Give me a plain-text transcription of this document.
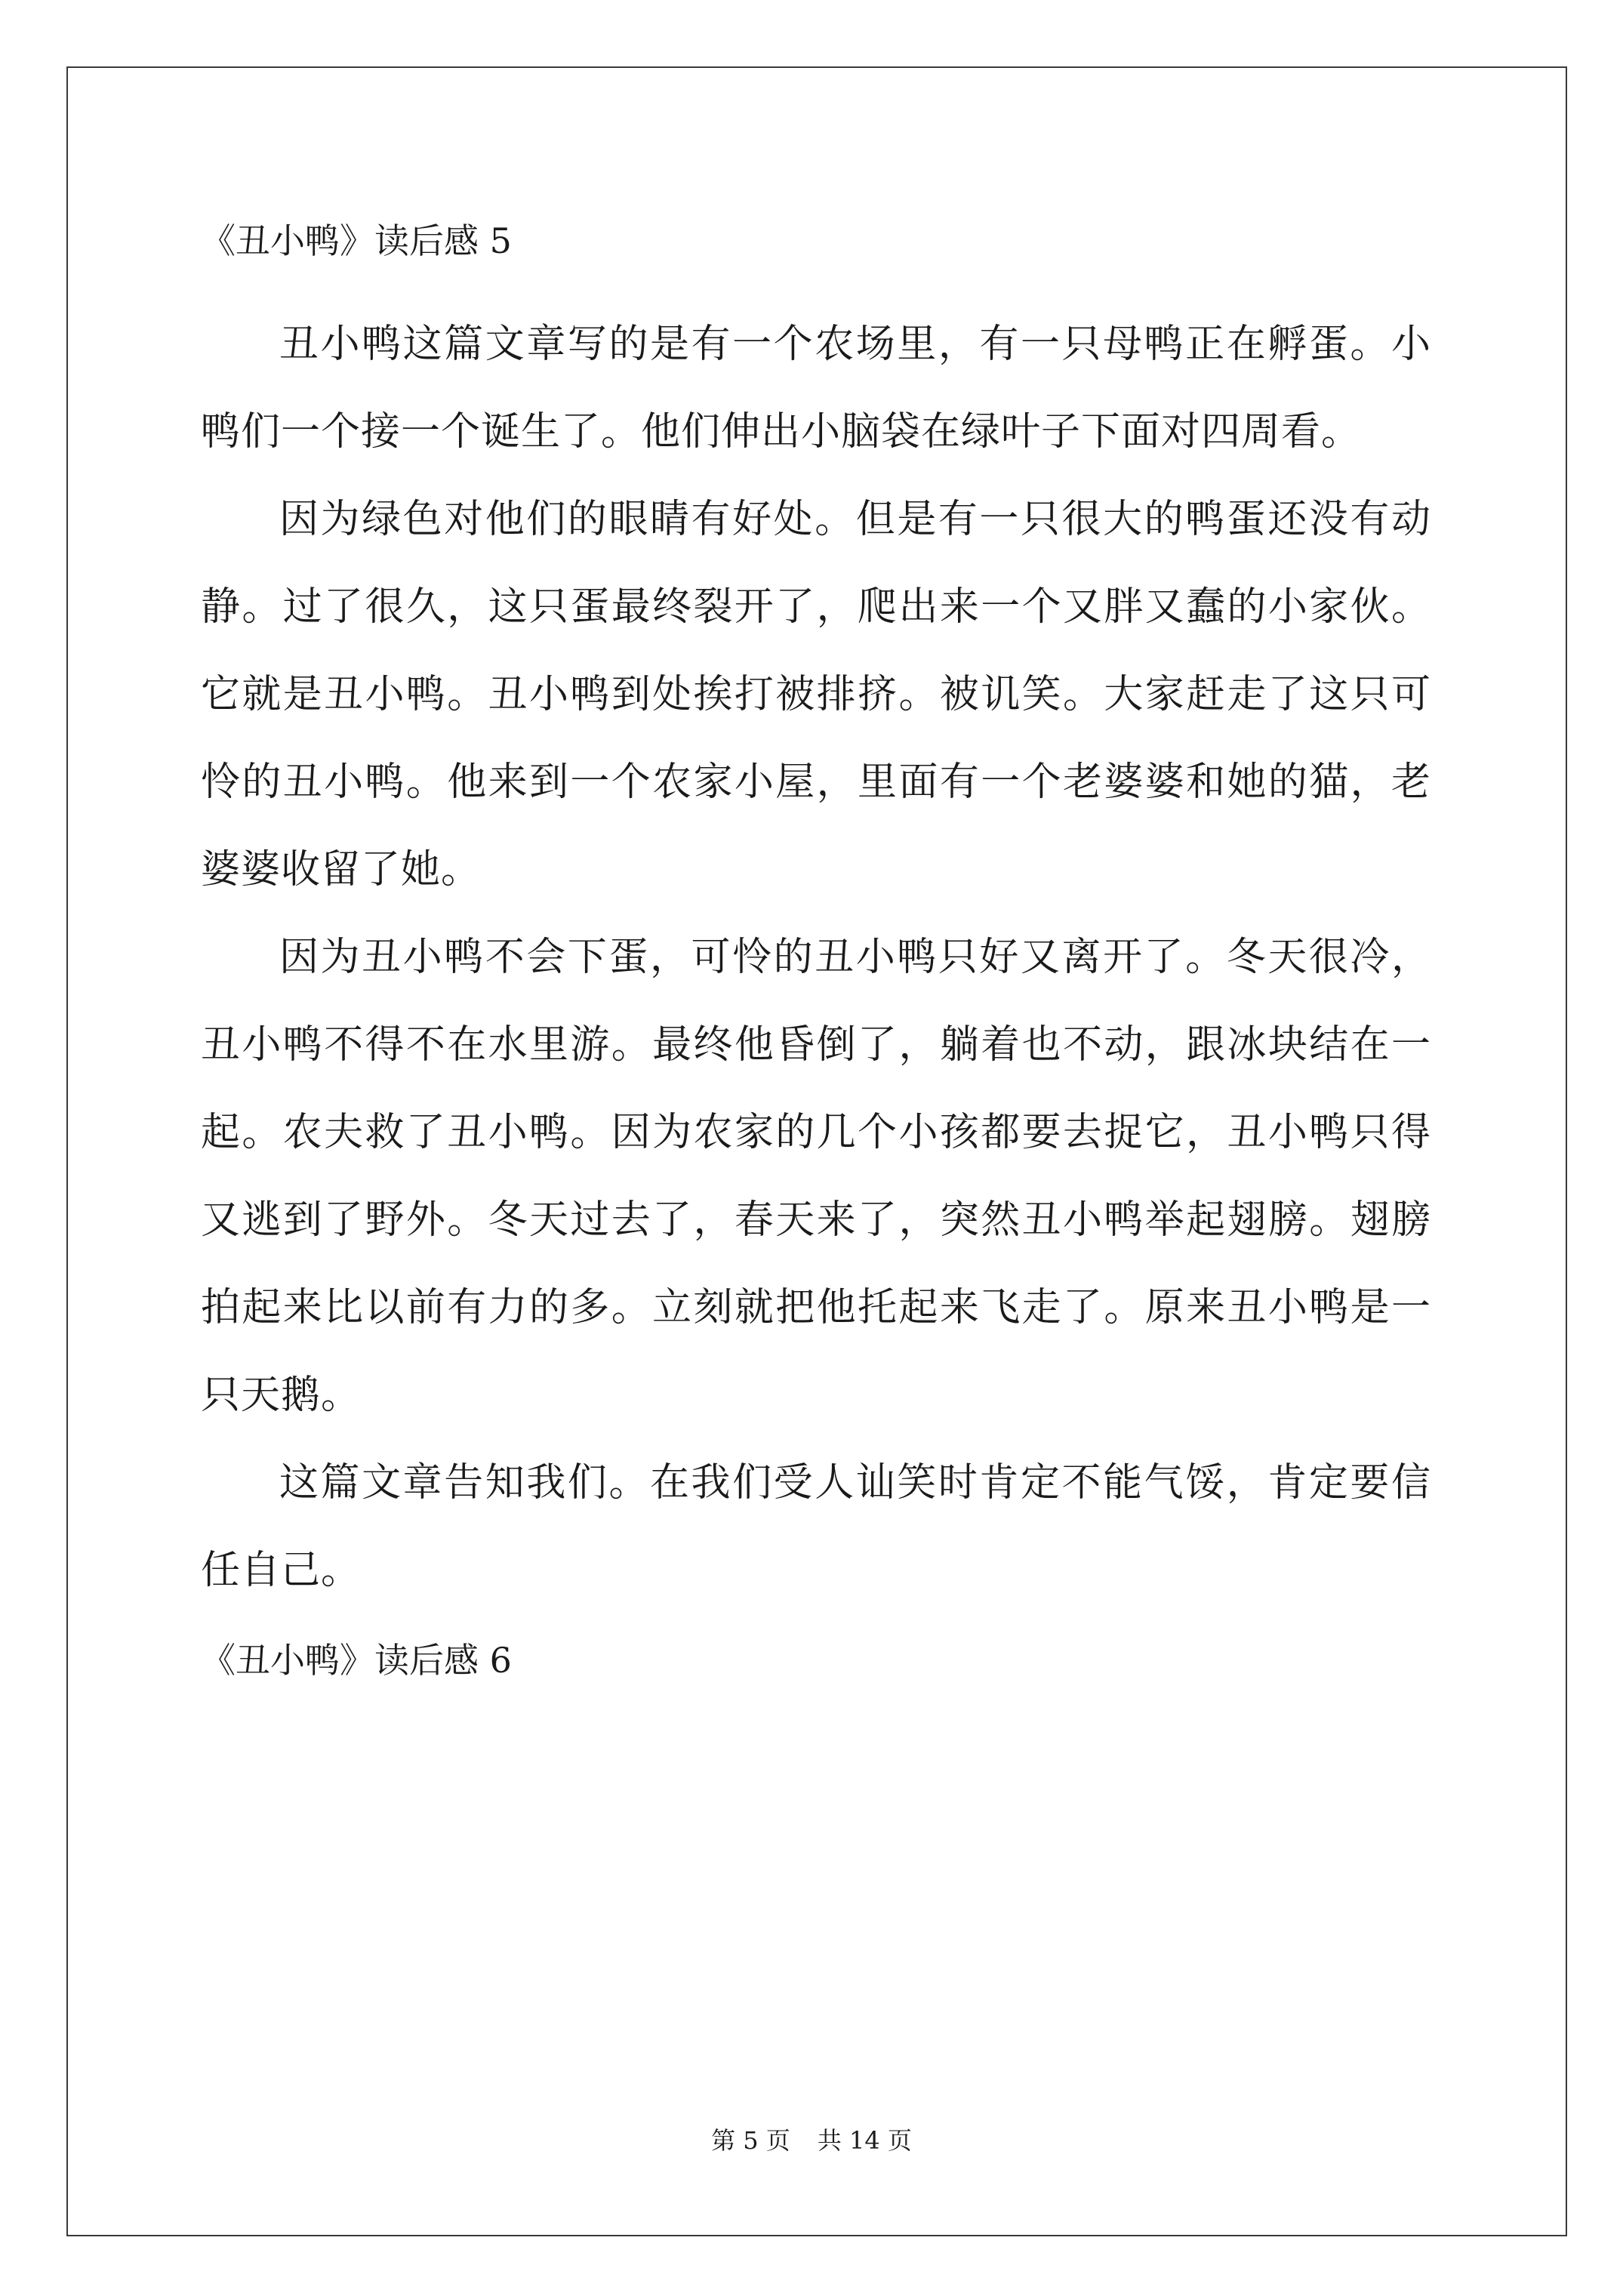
《丑小鸭》读后感 5

丑小鸭这篇文章写的是有一个农场里，有一只母鸭正在孵蛋。小鸭们一个接一个诞生了。他们伸出小脑袋在绿叶子下面对四周看。

因为绿色对他们的眼睛有好处。但是有一只很大的鸭蛋还没有动静。过了很久，这只蛋最终裂开了，爬出来一个又胖又蠢的小家伙。它就是丑小鸭。丑小鸭到处挨打被排挤。被讥笑。大家赶走了这只可怜的丑小鸭。他来到一个农家小屋，里面有一个老婆婆和她的猫，老婆婆收留了她。

因为丑小鸭不会下蛋，可怜的丑小鸭只好又离开了。冬天很冷，丑小鸭不得不在水里游。最终他昏倒了，躺着也不动，跟冰块结在一起。农夫救了丑小鸭。因为农家的几个小孩都要去捉它，丑小鸭只得又逃到了野外。冬天过去了，春天来了，突然丑小鸭举起翅膀。翅膀拍起来比以前有力的多。立刻就把他托起来飞走了。原来丑小鸭是一只天鹅。

这篇文章告知我们。在我们受人讪笑时肯定不能气馁，肯定要信任自己。

《丑小鸭》读后感 6

第 5 页 共 14 页
